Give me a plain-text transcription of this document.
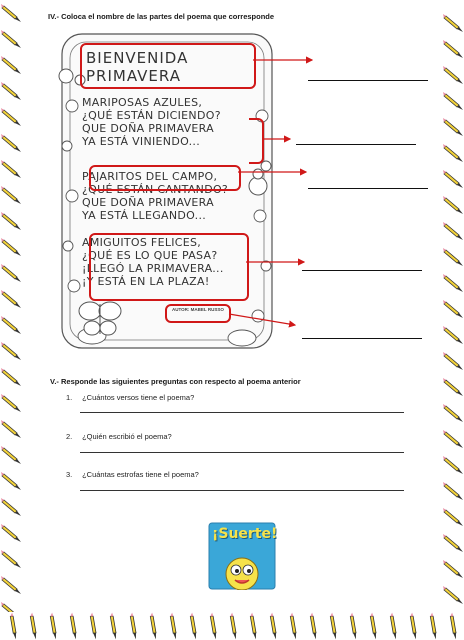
IV.- Coloca el nombre de las partes del poema que corresponde
BIENVENIDA PRIMAVERA
MARIPOSAS AZULES,
¿QUÉ ESTÁN DICIENDO?
QUE DOÑA PRIMAVERA
YA ESTÁ VINIENDO...
PAJARITOS DEL CAMPO,
¿QUÉ ESTÁN CANTANDO?
QUE DOÑA PRIMAVERA
YA ESTÁ LLEGANDO...
AMIGUITOS FELICES,
¿QUÉ ES LO QUE PASA?
¡LLEGÓ LA PRIMAVERA...
¡Y ESTÁ EN LA PLAZA!
AUTOR: MABEL RUSSO
V.- Responde las siguientes preguntas con respecto al poema anterior
1. ¿Cuántos versos tiene el poema?
2. ¿Quién escribió el poema?
3. ¿Cuántas estrofas tiene el poema?
¡Suerte!
